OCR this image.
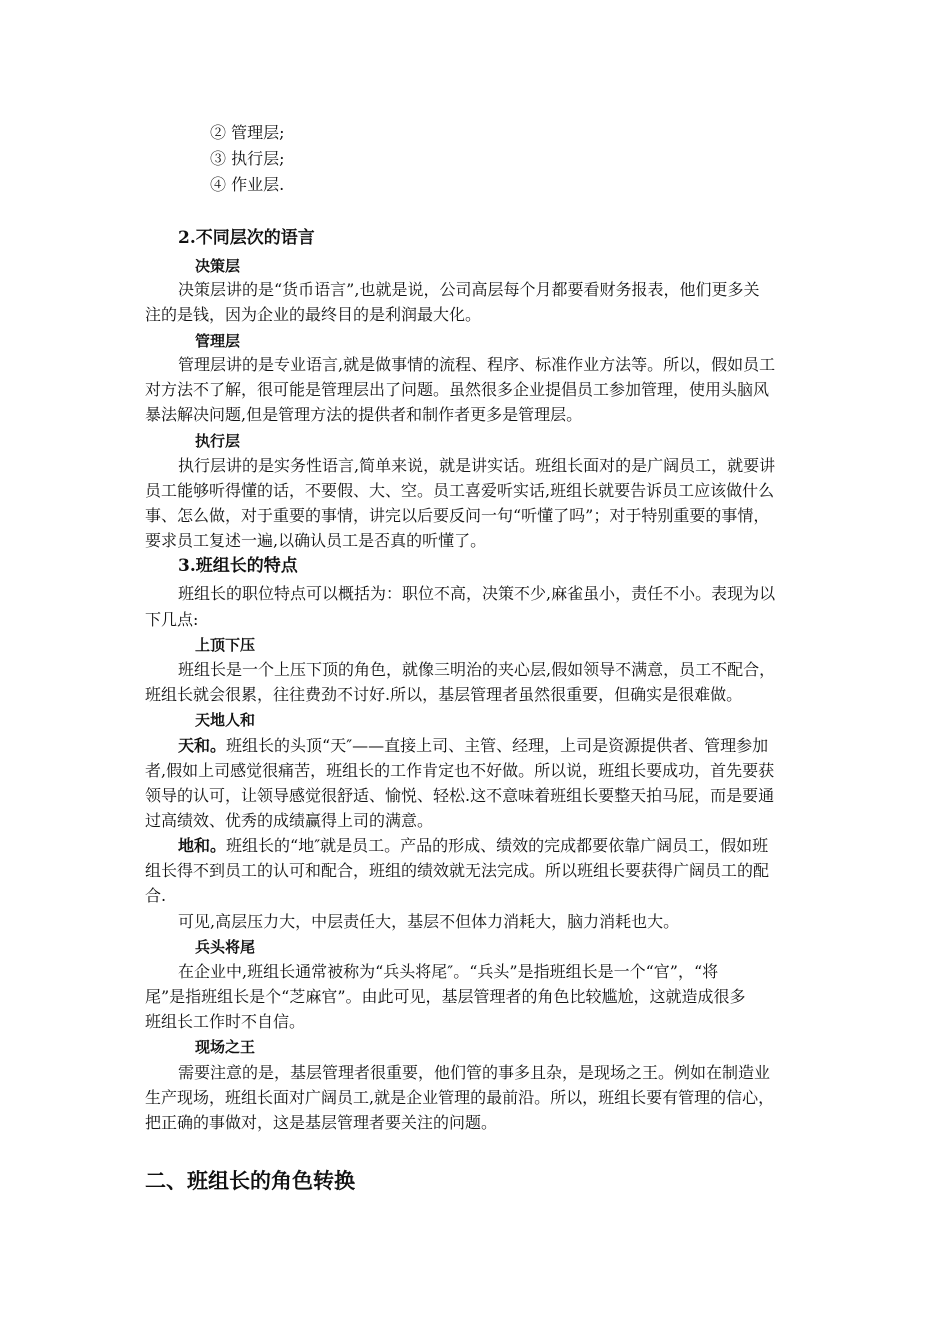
② 管理层;
③ 执行层;
④ 作业层.
2.不同层次的语言
决策层
决策层讲的是“货币语言”,也就是说，公司高层每个月都要看财务报表，他们更多关
注的是钱，因为企业的最终目的是利润最大化。
管理层
管理层讲的是专业语言,就是做事情的流程、程序、标准作业方法等。所以，假如员工
对方法不了解，很可能是管理层出了问题。虽然很多企业提倡员工参加管理，使用头脑风
暴法解决问题,但是管理方法的提供者和制作者更多是管理层。
执行层
执行层讲的是实务性语言,简单来说，就是讲实话。班组长面对的是广阔员工，就要讲
员工能够听得懂的话，不要假、大、空。员工喜爱听实话,班组长就要告诉员工应该做什么
事、怎么做，对于重要的事情，讲完以后要反问一句“听懂了吗”；对于特别重要的事情，
要求员工复述一遍,以确认员工是否真的听懂了。
3.班组长的特点
班组长的职位特点可以概括为：职位不高，决策不少,麻雀虽小，责任不小。表现为以
下几点:
上顶下压
班组长是一个上压下顶的角色，就像三明治的夹心层,假如领导不满意，员工不配合，
班组长就会很累，往往费劲不讨好.所以，基层管理者虽然很重要，但确实是很难做。
天地人和
天和。班组长的头顶“天″——直接上司、主管、经理，上司是资源提供者、管理参加
者,假如上司感觉很痛苦，班组长的工作肯定也不好做。所以说，班组长要成功，首先要获
领导的认可，让领导感觉很舒适、愉悦、轻松.这不意味着班组长要整天拍马屁，而是要通
过高绩效、优秀的成绩赢得上司的满意。
地和。班组长的“地″就是员工。产品的形成、绩效的完成都要依靠广阔员工，假如班
组长得不到员工的认可和配合，班组的绩效就无法完成。所以班组长要获得广阔员工的配
合.
可见,高层压力大，中层责任大，基层不但体力消耗大，脑力消耗也大。
兵头将尾
在企业中,班组长通常被称为“兵头将尾″。“兵头”是指班组长是一个“官”，“将
尾”是指班组长是个“芝麻官”。由此可见，基层管理者的角色比较尴尬，这就造成很多
班组长工作时不自信。
现场之王
需要注意的是，基层管理者很重要，他们管的事多且杂，是现场之王。例如在制造业
生产现场，班组长面对广阔员工,就是企业管理的最前沿。所以，班组长要有管理的信心，
把正确的事做对，这是基层管理者要关注的问题。
二、班组长的角色转换
